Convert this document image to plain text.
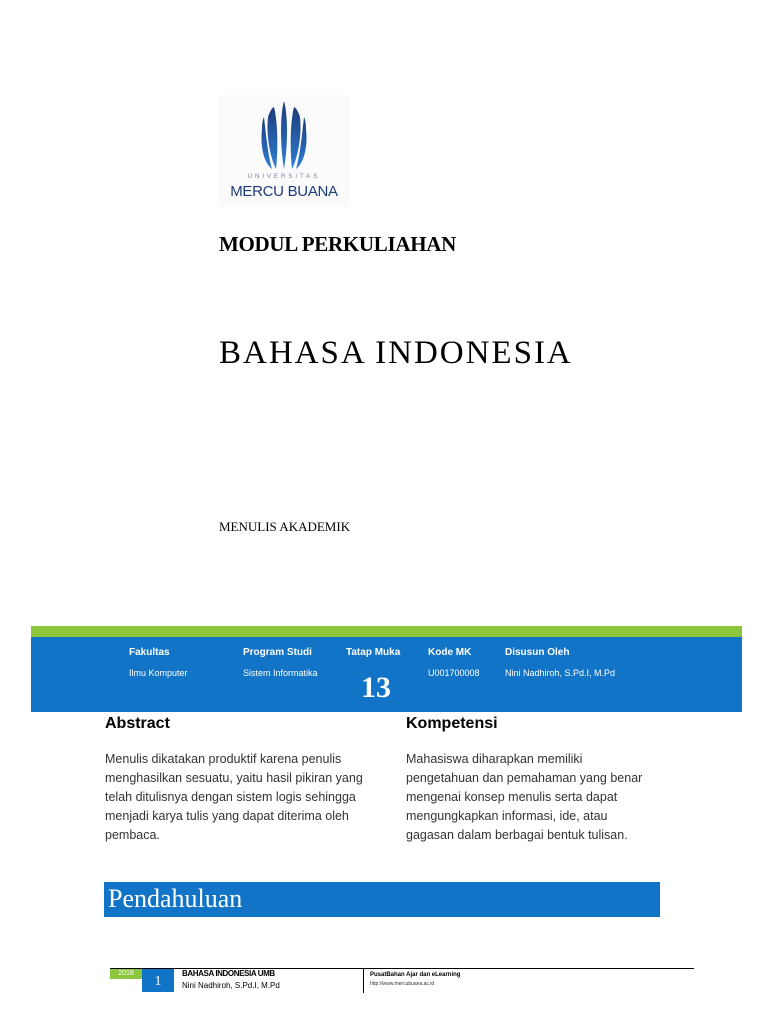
UNIVERSITAS
MERCU BUANA
MODUL PERKULIAHAN
BAHASA INDONESIA
MENULIS AKADEMIK
Fakultas
Ilmu Komputer
Program Studi
Sistem Informatika
Tatap Muka
13
Kode MK
U001700008
Disusun Oleh
Nini Nadhiroh, S.Pd.I, M.Pd
Abstract
Menulis dikatakan produktif karena penulis menghasilkan sesuatu, yaitu hasil pikiran yang telah ditulisnya dengan sistem logis sehingga menjadi karya tulis yang dapat diterima oleh pembaca.
Kompetensi
Mahasiswa diharapkan memiliki pengetahuan dan pemahaman yang benar mengenai konsep menulis serta dapat mengungkapkan informasi, ide, atau gagasan dalam berbagai bentuk tulisan.
Pendahuluan
2018
1
BAHASA INDONESIA UMB
Nini Nadhiroh, S.Pd.I, M.Pd
PusatBahan Ajar dan eLearning
http://www.mercubuana.ac.id
